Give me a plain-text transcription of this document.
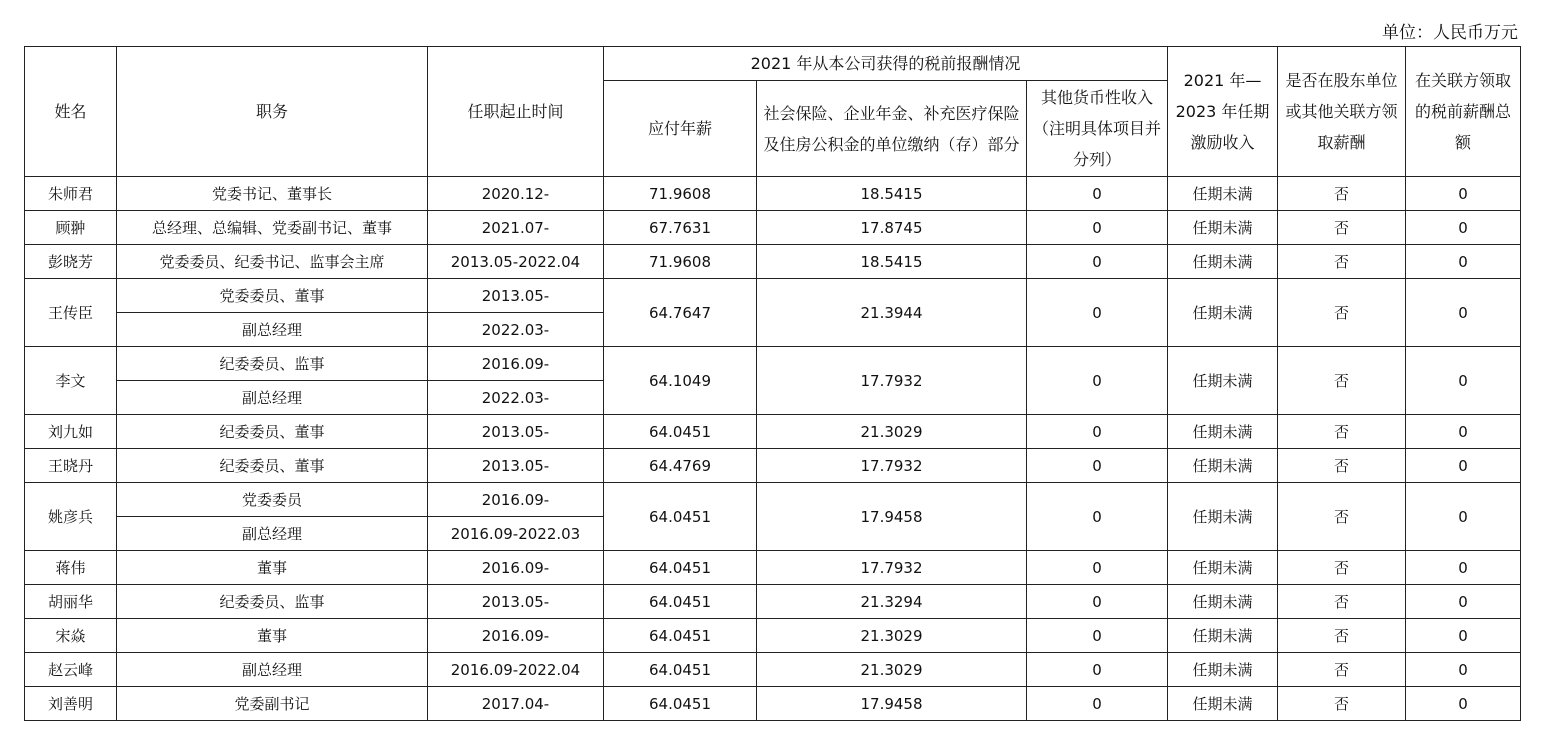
单位：人民币万元
姓名	职务	任职起止时间	2021 年从本公司获得的税前报酬情况			2021 年—2023 年任期激励收入	是否在股东单位或其他关联方领取薪酬	在关联方领取的税前薪酬总额
			应付年薪	社会保险、企业年金、补充医疗保险及住房公积金的单位缴纳（存）部分	其他货币性收入（注明具体项目并分列）			
朱师君	党委书记、董事长	2020.12-	71.9608	18.5415	0	任期未满	否	0
顾翀	总经理、总编辑、党委副书记、董事	2021.07-	67.7631	17.8745	0	任期未满	否	0
彭晓芳	党委委员、纪委书记、监事会主席	2013.05-2022.04	71.9608	18.5415	0	任期未满	否	0
王传臣	党委委员、董事	2013.05-	64.7647	21.3944	0	任期未满	否	0
	副总经理	2022.03-						
李文	纪委委员、监事	2016.09-	64.1049	17.7932	0	任期未满	否	0
	副总经理	2022.03-						
刘九如	纪委委员、董事	2013.05-	64.0451	21.3029	0	任期未满	否	0
王晓丹	纪委委员、董事	2013.05-	64.4769	17.7932	0	任期未满	否	0
姚彦兵	党委委员	2016.09-	64.0451	17.9458	0	任期未满	否	0
	副总经理	2016.09-2022.03						
蒋伟	董事	2016.09-	64.0451	17.7932	0	任期未满	否	0
胡丽华	纪委委员、监事	2013.05-	64.0451	21.3294	0	任期未满	否	0
宋焱	董事	2016.09-	64.0451	21.3029	0	任期未满	否	0
赵云峰	副总经理	2016.09-2022.04	64.0451	21.3029	0	任期未满	否	0
刘善明	党委副书记	2017.04-	64.0451	17.9458	0	任期未满	否	0
